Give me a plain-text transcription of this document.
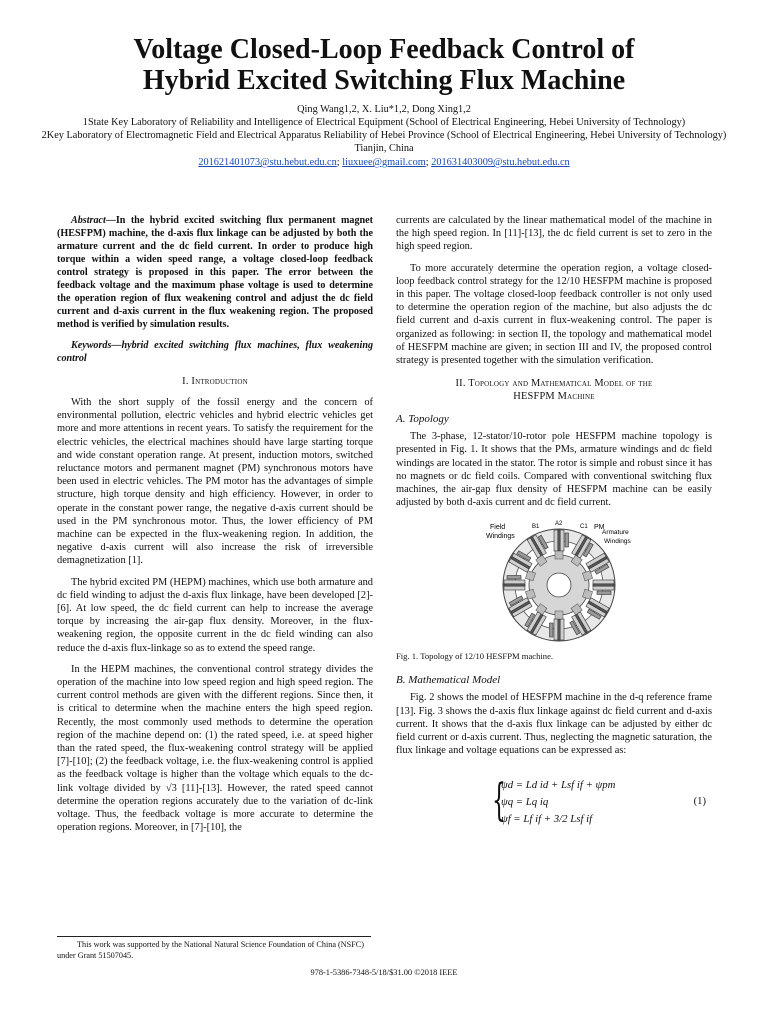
Voltage Closed-Loop Feedback Control of
Hybrid Excited Switching Flux Machine

Qing Wang1,2, X. Liu*1,2, Dong Xing1,2

1State Key Laboratory of Reliability and Intelligence of Electrical Equipment (School of Electrical Engineering, Hebei University of Technology)

2Key Laboratory of Electromagnetic Field and Electrical Apparatus Reliability of Hebei Province (School of Electrical Engineering, Hebei University of Technology)

Tianjin, China

201621401073@stu.hebut.edu.cn; liuxuee@gmail.com; 201631403009@stu.hebut.edu.cn

Abstract—In the hybrid excited switching flux permanent magnet (HESFPM) machine, the d-axis flux linkage can be adjusted by both the armature current and the dc field current. In order to produce high torque within a widen speed range, a voltage closed-loop feedback control strategy is proposed in this paper. The error between the feedback voltage and the maximum phase voltage is used to determine the operation region of flux weakening control and adjust the dc field current and d-axis current in the flux weakening region. The proposed method is verified by simulation results.

Keywords—hybrid excited switching flux machines, flux weakening control

I. Introduction

With the short supply of the fossil energy and the concern of environmental pollution, electric vehicles and hybrid electric vehicles get more and more attentions in recent years. To satisfy the requirement for the electric vehicles, the electrical machines should have large starting torque and wide constant operation range. At present, induction motors, switched reluctance motors and permanent magnet (PM) synchronous motors have been used in electric vehicles. The PM motor has the advantages of simple structure, high torque density and high efficiency. However, in order to operate in the constant power range, the negative d-axis current should be used in the PM synchronous motor. Thus, the lower efficiency of PM machine can be expected in the flux-weakening region. In addition, the negative d-axis current will also increase the risk of irreversible demagnetization [1].

The hybrid excited PM (HEPM) machines, which use both armature and dc field winding to adjust the d-axis flux linkage, have been developed [2]-[6]. At low speed, the dc field current can help to increase the average torque by increasing the air-gap flux density. Moreover, in the flux-weakening region, the opposite current in the dc field winding can also reduce the d-axis flux-linkage so as to extend the speed range.

In the HEPM machines, the conventional control strategy divides the operation of the machine into low speed region and high speed region. The current control methods are given with the different regions. Since then, it is critical to determine when the machine enters the high speed region. Recently, the most commonly used methods to determine the operation region of the machine depend on: (1) the rated speed, i.e. at speed higher than the rated speed, the flux-weakening control strategy will be applied [7]-[10]; (2) the feedback voltage, i.e. the flux-weakening control is applied as the feedback voltage is higher than the voltage which equals to the dc-link voltage divided by √3 [11]-[13]. However, the rated speed cannot determine the operation regions accurately due to the variation of dc-link voltage. Thus, the feedback voltage is more accurate to determine the operation regions. Moreover, in [7]-[10], the

currents are calculated by the linear mathematical model of the machine in the high speed region. In [11]-[13], the dc field current is set to zero in the high speed region.

To more accurately determine the operation region, a voltage closed-loop feedback control strategy for the 12/10 HESFPM machine is proposed in this paper. The voltage closed-loop feedback controller is not only used to determine the operation region of the machine, but also adjusts the dc field current and d-axis current in flux-weakening control. The paper is organized as following: in section II, the topology and mathematical model of HESFPM machine are given; in section III and IV, the proposed control strategy is presented together with the simulation verification.

II. Topology and Mathematical Model of the
HESFPM Machine
A. Topology

The 3-phase, 12-stator/10-rotor pole HESFPM machine topology is presented in Fig. 1. It shows that the PMs, armature windings and dc field windings are located in the stator. The rotor is simple and robust since it has no magnets or dc field coils. Compared with conventional switching flux machines, the air-gap flux density of HESFPM machine can be easily adjusted by both d-axis current and dc field current.

Field
Windings
PM
Armature
Windings
A2	C1
B1
Fig. 1. Topology of 12/10 HESFPM machine.
B. Mathematical Model

Fig. 2 shows the model of HESFPM machine in the d-q reference frame [13]. Fig. 3 shows the d-axis flux linkage against dc field current and d-axis current. It shows that the d-axis flux linkage can be adjusted by either dc field current or d-axis current. Thus, neglecting the magnetic saturation, the flux linkage and voltage equations can be expressed as:

{
ψd = Ld id + Lsf if + ψpm
ψq = Lq iq
ψf = Lf if + 3/2 Lsf if
(1)
This work was supported by the National Natural Science Foundation of China (NSFC) under Grant 51507045.
978-1-5386-7348-5/18/$31.00 ©2018 IEEE
